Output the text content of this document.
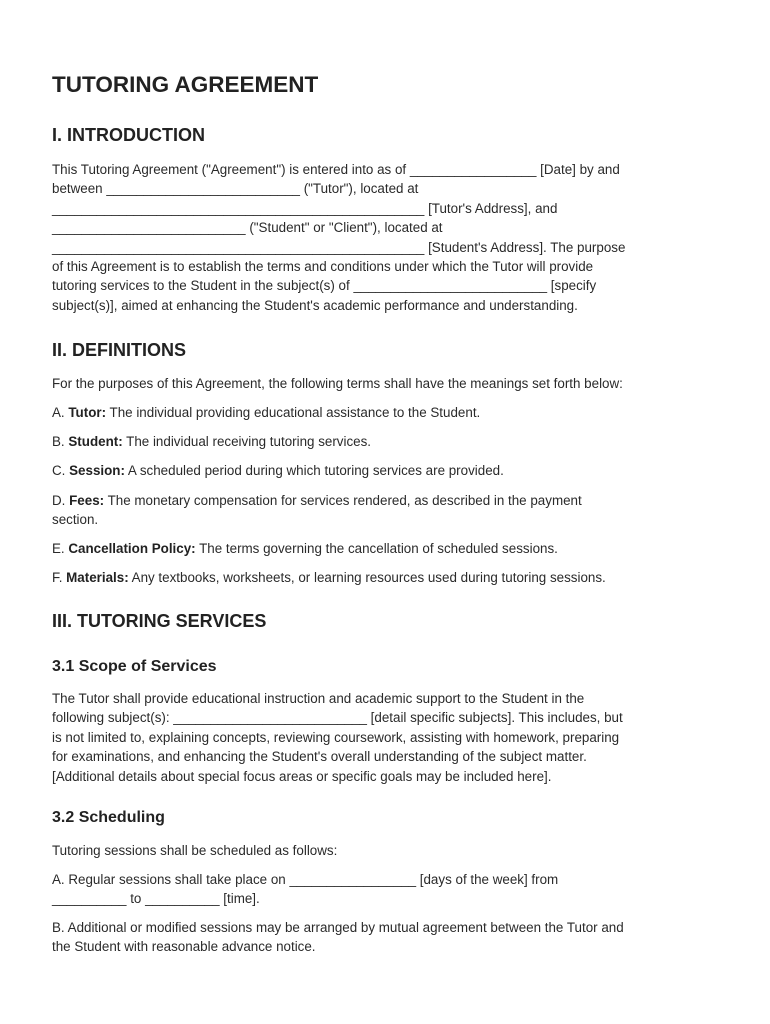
TUTORING AGREEMENT
I. INTRODUCTION

This Tutoring Agreement ("Agreement") is entered into as of _________________ [Date] by and
between __________________________ ("Tutor"), located at
__________________________________________________ [Tutor's Address], and
__________________________ ("Student" or "Client"), located at
__________________________________________________ [Student's Address]. The purpose
of this Agreement is to establish the terms and conditions under which the Tutor will provide
tutoring services to the Student in the subject(s) of __________________________ [specify
subject(s)], aimed at enhancing the Student's academic performance and understanding.

II. DEFINITIONS

For the purposes of this Agreement, the following terms shall have the meanings set forth below:

A. Tutor: The individual providing educational assistance to the Student.

B. Student: The individual receiving tutoring services.

C. Session: A scheduled period during which tutoring services are provided.

D. Fees: The monetary compensation for services rendered, as described in the payment
section.

E. Cancellation Policy: The terms governing the cancellation of scheduled sessions.

F. Materials: Any textbooks, worksheets, or learning resources used during tutoring sessions.

III. TUTORING SERVICES
3.1 Scope of Services

The Tutor shall provide educational instruction and academic support to the Student in the
following subject(s): __________________________ [detail specific subjects]. This includes, but
is not limited to, explaining concepts, reviewing coursework, assisting with homework, preparing
for examinations, and enhancing the Student's overall understanding of the subject matter.
[Additional details about special focus areas or specific goals may be included here].

3.2 Scheduling

Tutoring sessions shall be scheduled as follows:

A. Regular sessions shall take place on _________________ [days of the week] from
__________ to __________ [time].

B. Additional or modified sessions may be arranged by mutual agreement between the Tutor and
the Student with reasonable advance notice.
